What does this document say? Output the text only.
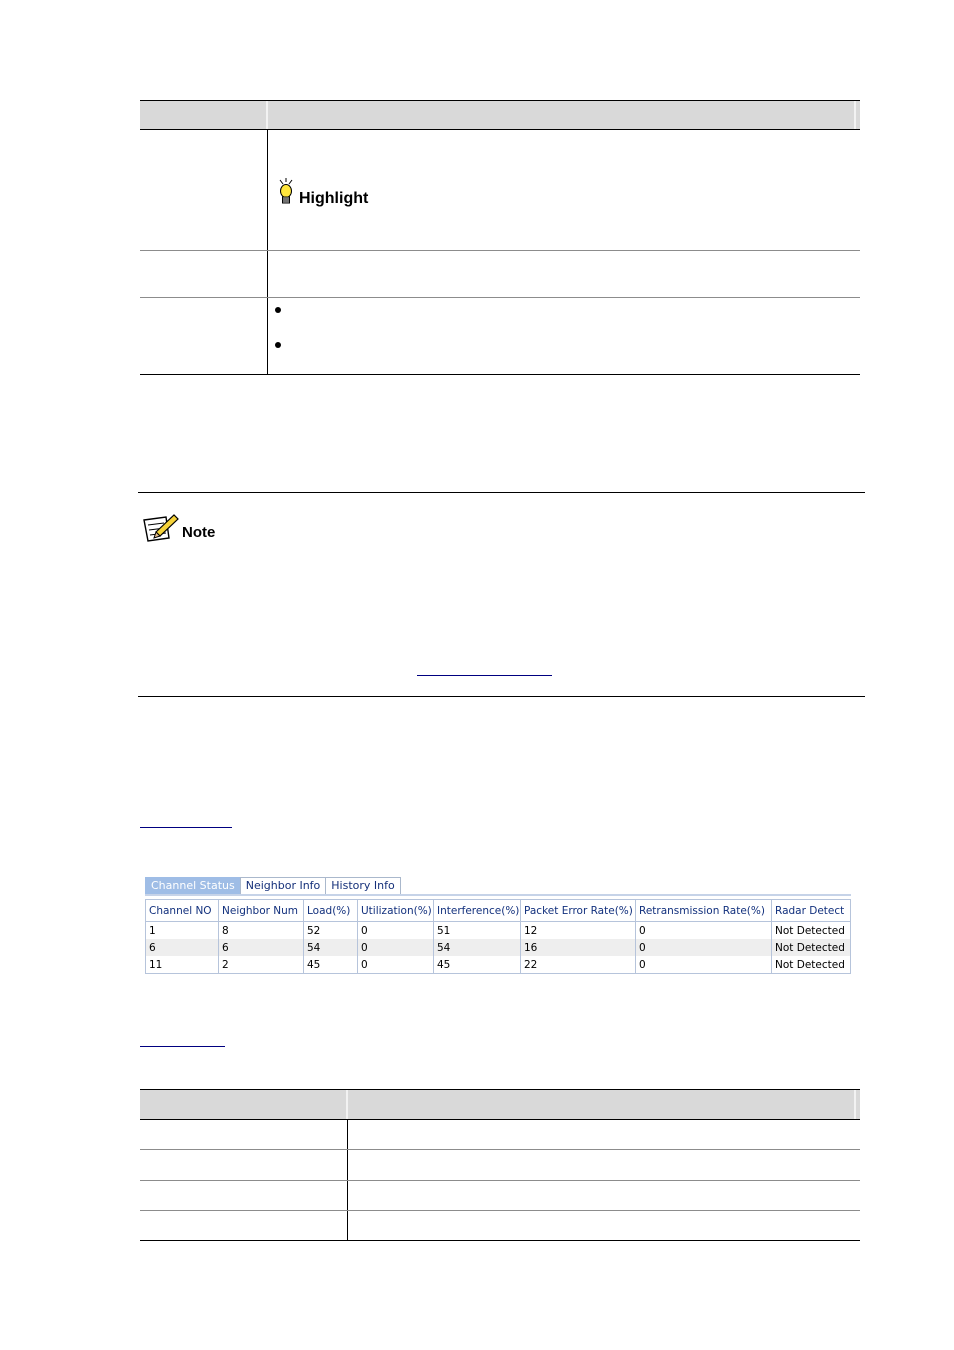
Highlight
Note
Channel Status	Neighbor Info	History Info
Channel NO	Neighbor Num	Load(%)	Utilization(%)	Interference(%)	Packet Error Rate(%)	Retransmission Rate(%)	Radar Detect
1	8	52	0	51	12	0	Not Detected
6	6	54	0	54	16	0	Not Detected
11	2	45	0	45	22	0	Not Detected
